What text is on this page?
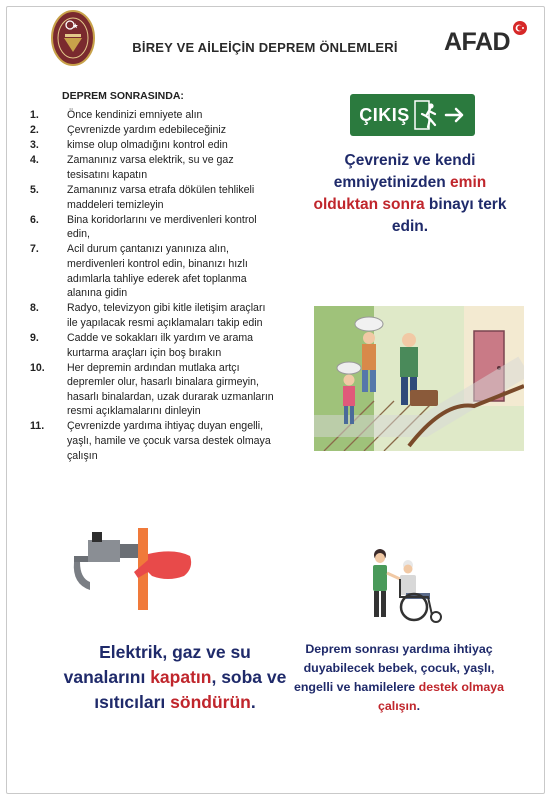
BİREY VE AİLEİÇİN DEPREM ÖNLEMLERİ	AFAD
DEPREM SONRASINDA:
1.	Önce kendinizi emniyete alın
2.	Çevrenizde yardım edebileceğiniz
3.	kimse olup olmadığını kontrol edin
4.	Zamanınız varsa elektrik, su ve gaz tesisatını kapatın
5.	Zamanınız varsa etrafa dökülen tehlikeli maddeleri temizleyin
6.	Bina koridorlarını ve merdivenleri kontrol edin,
7.	Acil durum çantanızı yanınıza alın, merdivenleri kontrol edin, binanızı hızlı adımlarla tahliye ederek afet toplanma alanına gidin
8.	Radyo, televizyon gibi kitle iletişim araçları ile yapılacak resmi açıklamaları takip edin
9.	Cadde ve sokakları ilk yardım ve arama kurtarma araçları için boş bırakın
10.	Her depremin ardından mutlaka artçı depremler olur, hasarlı binalara girmeyin, hasarlı binalardan, uzak durarak uzmanların resmi açıklamalarını dinleyin
11.	Çevrenizde yardıma ihtiyaç duyan engelli, yaşlı, hamile ve çocuk varsa destek olmaya çalışın
ÇIKIŞ
Çevreniz ve kendi emniyetinizden emin olduktan sonra binayı terk edin.
Elektrik, gaz ve su vanalarını kapatın, soba ve ısıtıcıları söndürün.
Deprem sonrası yardıma ihtiyaç duyabilecek bebek, çocuk, yaşlı, engelli ve hamilelere destek olmaya çalışın.
